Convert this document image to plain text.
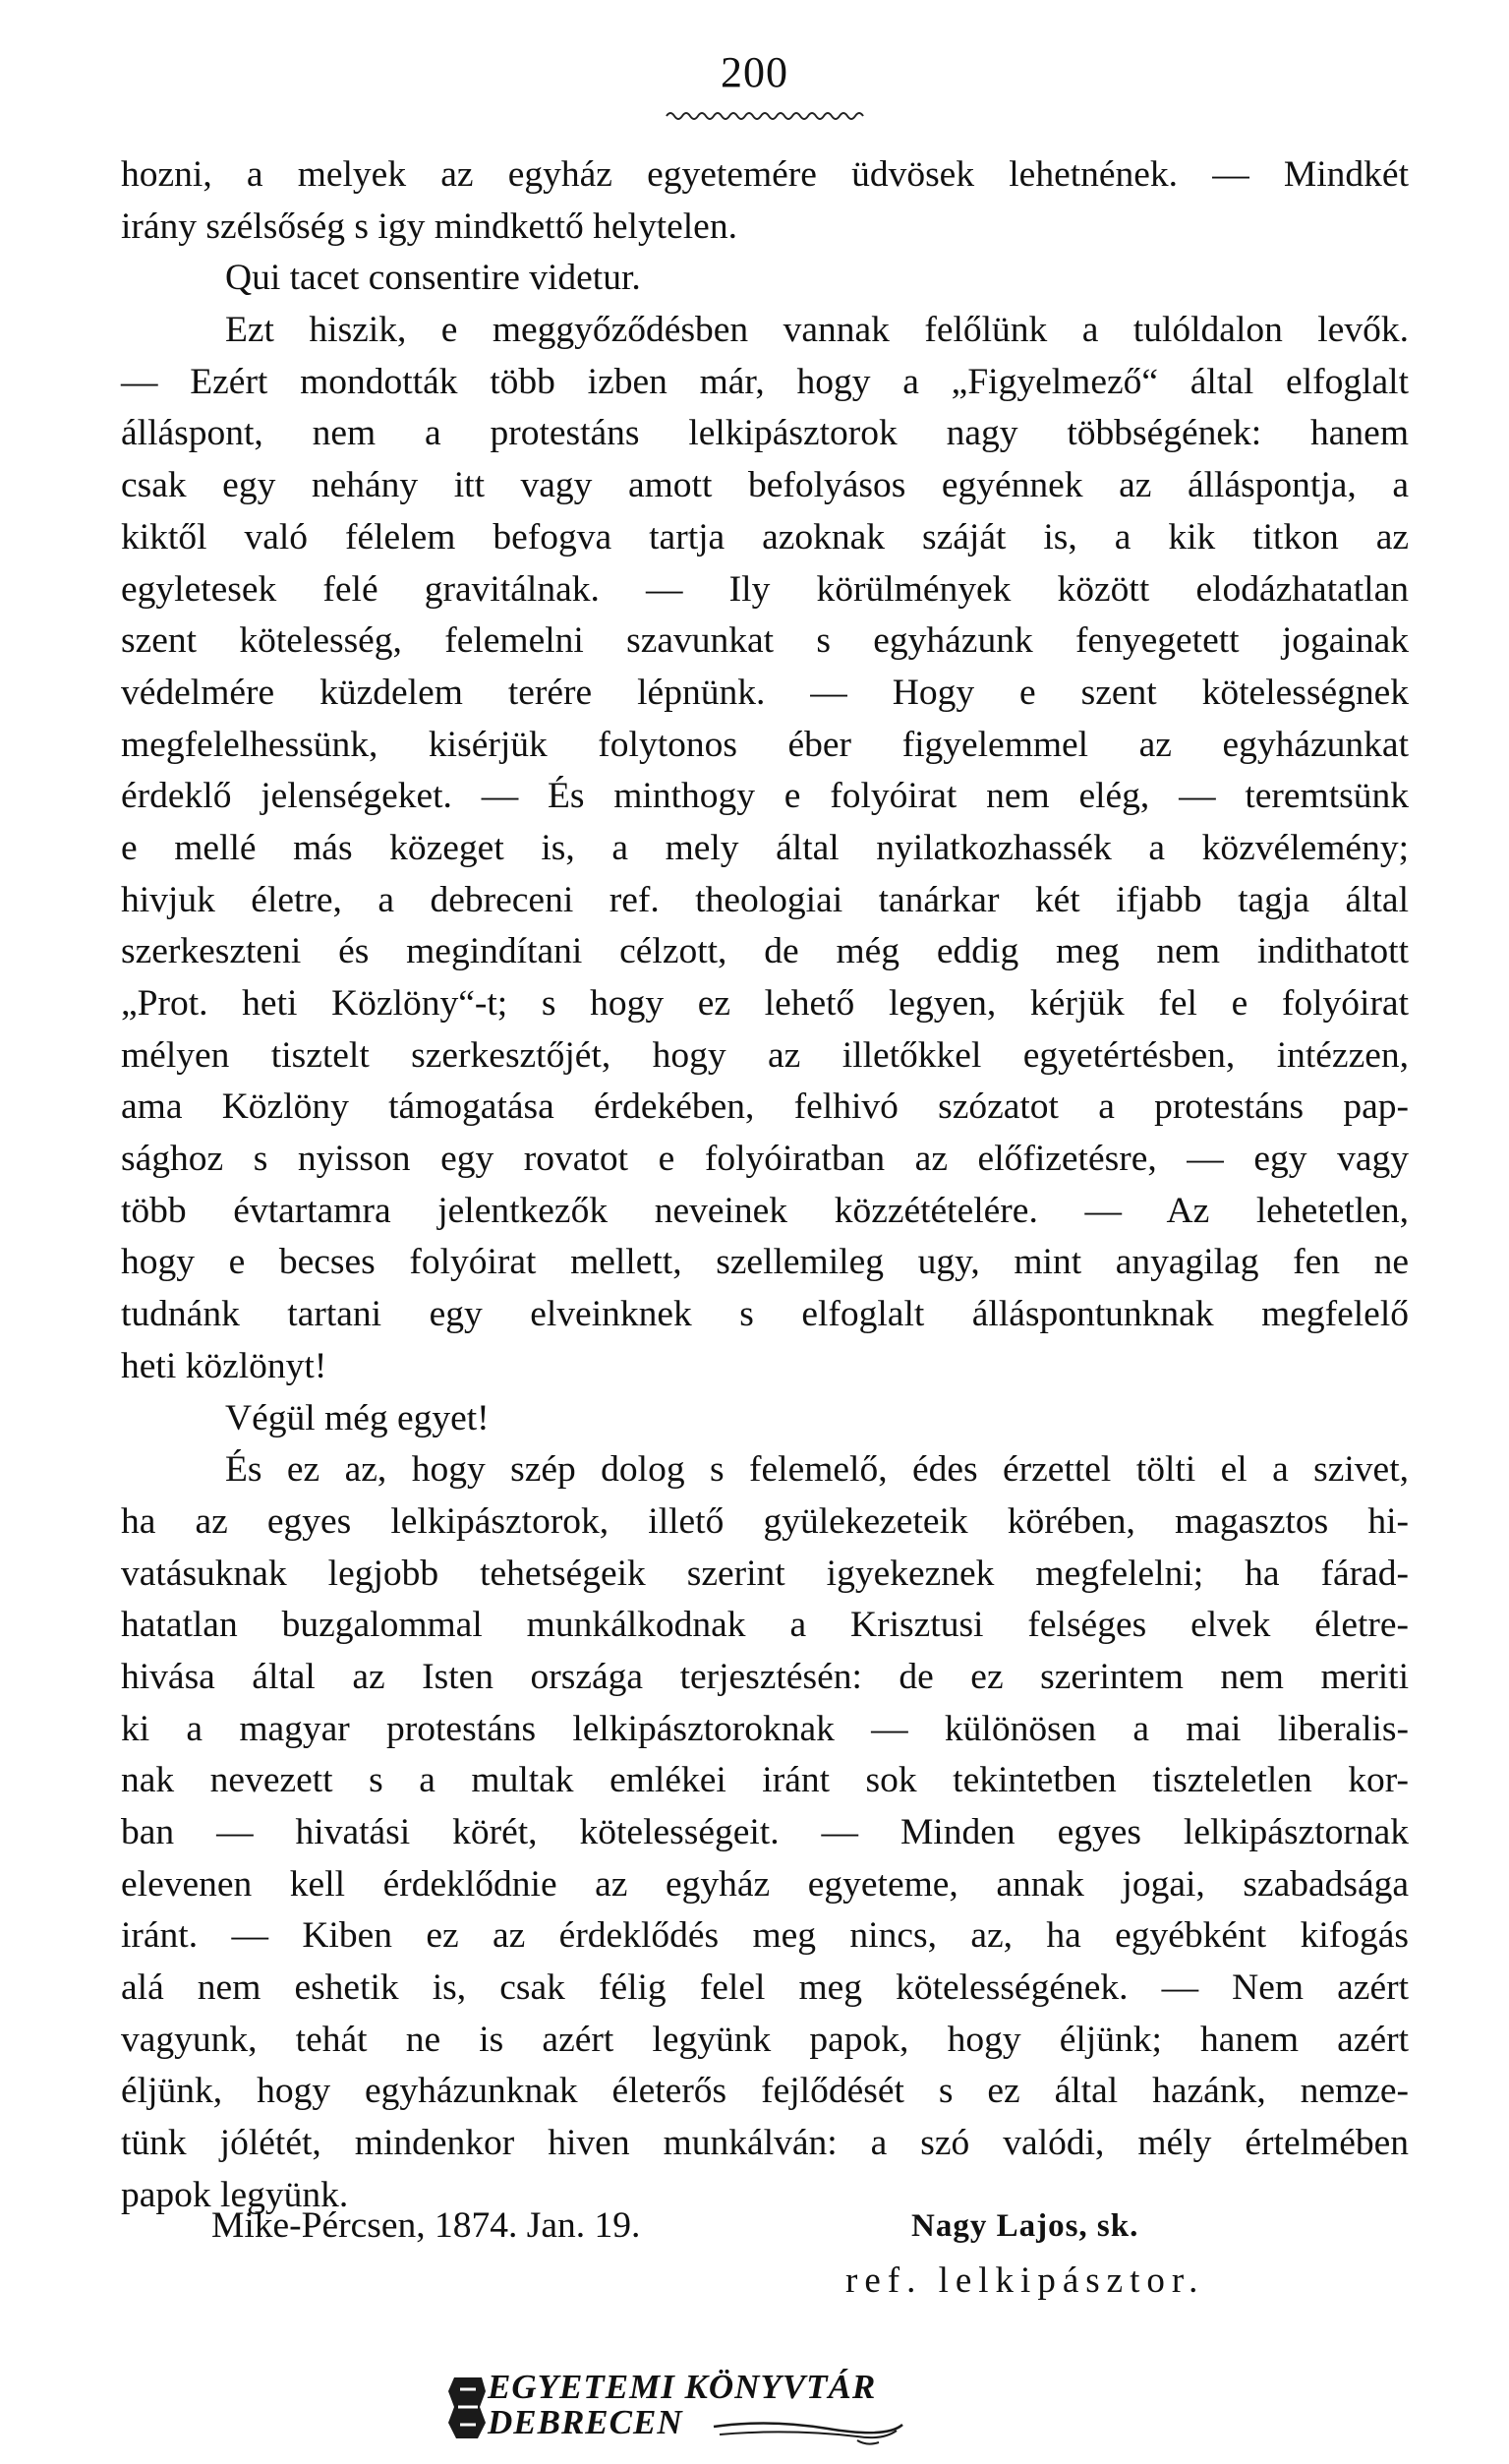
200
hozni, a melyek az egyház egyetemére üdvösek lehetnének. — Mindkét
irány szélsőség s igy mindkettő helytelen.
Qui tacet consentire videtur.
Ezt hiszik, e meggyőződésben vannak felőlünk a tulóldalon levők.
— Ezért mondották több izben már, hogy a „Figyelmező“ által elfoglalt
álláspont, nem a protestáns lelkipásztorok nagy többségének: hanem
csak egy nehány itt vagy amott befolyásos egyénnek az álláspontja, a
kiktől való félelem befogva tartja azoknak száját is, a kik titkon az
egyletesek felé gravitálnak. — Ily körülmények között elodázhatatlan
szent kötelesség, felemelni szavunkat s egyházunk fenyegetett jogainak
védelmére küzdelem terére lépnünk. — Hogy e szent kötelességnek
megfelelhessünk, kisérjük folytonos éber figyelemmel az egyházunkat
érdeklő jelenségeket. — És minthogy e folyóirat nem elég, — teremtsünk
e mellé más közeget is, a mely által nyilatkozhassék a közvélemény;
hivjuk életre, a debreceni ref. theologiai tanárkar két ifjabb tagja által
szerkeszteni és megindítani célzott, de még eddig meg nem indithatott
„Prot. heti Közlöny“-t; s hogy ez lehető legyen, kérjük fel e folyóirat
mélyen tisztelt szerkesztőjét, hogy az illetőkkel egyetértésben, intézzen,
ama Közlöny támogatása érdekében, felhivó szózatot a protestáns pap-
sághoz s nyisson egy rovatot e folyóiratban az előfizetésre, — egy vagy
több évtartamra jelentkezők neveinek közzétételére. — Az lehetetlen,
hogy e becses folyóirat mellett, szellemileg ugy, mint anyagilag fen ne
tudnánk tartani egy elveinknek s elfoglalt álláspontunknak megfelelő
heti közlönyt!
Végül még egyet!
És ez az, hogy szép dolog s felemelő, édes érzettel tölti el a szivet,
ha az egyes lelkipásztorok, illető gyülekezeteik körében, magasztos hi-
vatásuknak legjobb tehetségeik szerint igyekeznek megfelelni; ha fárad-
hatatlan buzgalommal munkálkodnak a Krisztusi felséges elvek életre-
hivása által az Isten országa terjesztésén: de ez szerintem nem meriti
ki a magyar protestáns lelkipásztoroknak — különösen a mai liberalis-
nak nevezett s a multak emlékei iránt sok tekintetben tiszteletlen kor-
ban — hivatási körét, kötelességeit. — Minden egyes lelkipásztornak
elevenen kell érdeklődnie az egyház egyeteme, annak jogai, szabadsága
iránt. — Kiben ez az érdeklődés meg nincs, az, ha egyébként kifogás
alá nem eshetik is, csak félig felel meg kötelességének. — Nem azért
vagyunk, tehát ne is azért legyünk papok, hogy éljünk; hanem azért
éljünk, hogy egyházunknak életerős fejlődését s ez által hazánk, nemze-
tünk jólétét, mindenkor hiven munkálván: a szó valódi, mély értelmében
papok legyünk.
Mike-Pércsen, 1874. Jan. 19.	Nagy Lajos, sk.
ref. lelkipásztor.
EGYETEMI KÖNYVTÁR
DEBRECEN
